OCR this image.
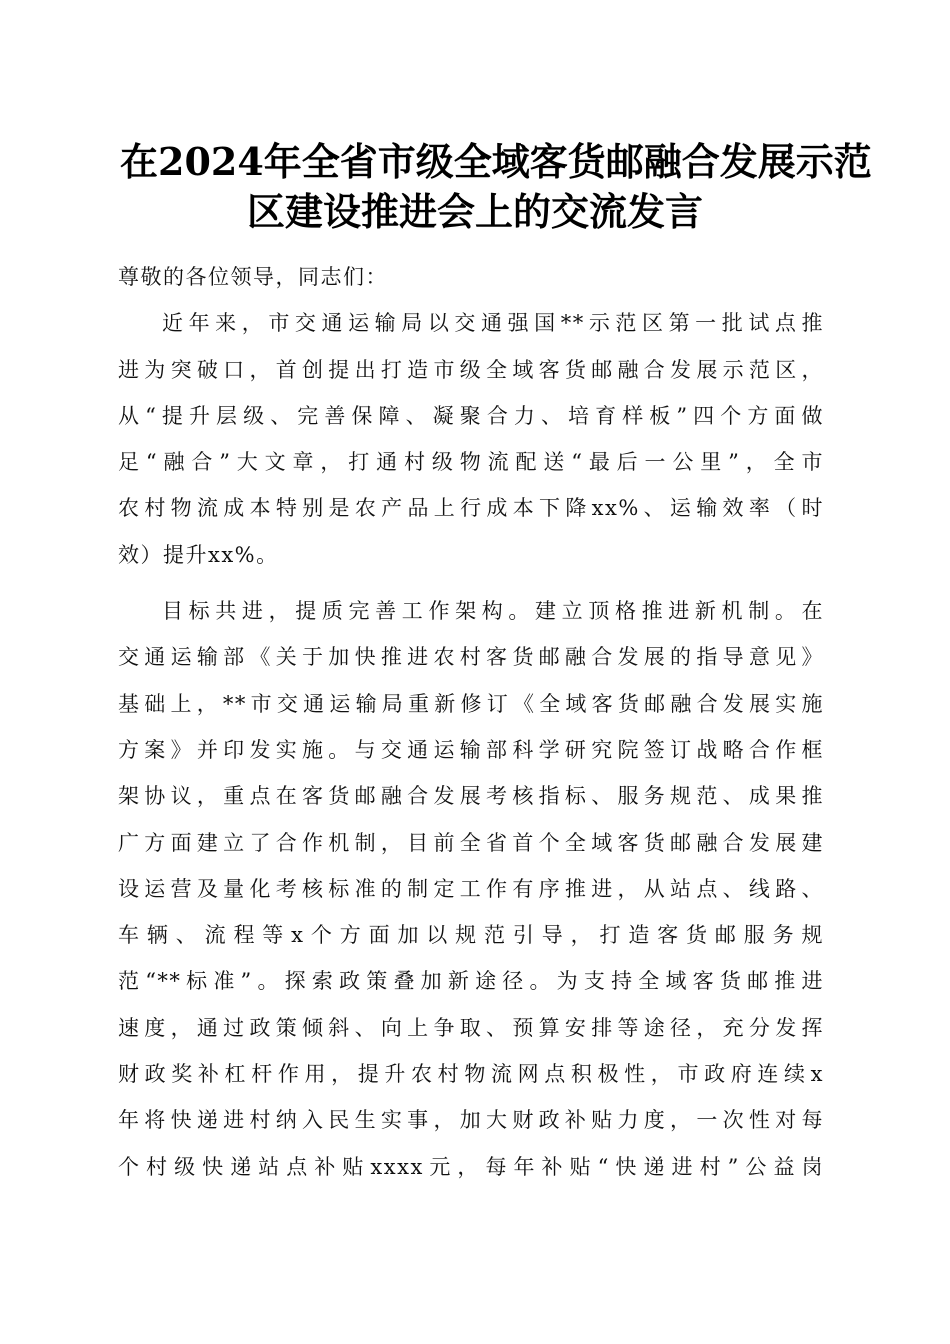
在2024年全省市级全域客货邮融合发展示范
区建设推进会上的交流发言
尊敬的各位领导，同志们：
近年来，市交通运输局以交通强国**示范区第一批试点推
进为突破口，首创提出打造市级全域客货邮融合发展示范区，
从“提升层级、完善保障、凝聚合力、培育样板”四个方面做
足“融合”大文章，打通村级物流配送“最后一公里”，全市
农村物流成本特别是农产品上行成本下降xx%、运输效率（时
效）提升xx%。
目标共进，提质完善工作架构。建立顶格推进新机制。在
交通运输部《关于加快推进农村客货邮融合发展的指导意见》
基础上，**市交通运输局重新修订《全域客货邮融合发展实施
方案》并印发实施。与交通运输部科学研究院签订战略合作框
架协议，重点在客货邮融合发展考核指标、服务规范、成果推
广方面建立了合作机制，目前全省首个全域客货邮融合发展建
设运营及量化考核标准的制定工作有序推进，从站点、线路、
车辆、流程等x个方面加以规范引导，打造客货邮服务规
范“**标准”。探索政策叠加新途径。为支持全域客货邮推进
速度，通过政策倾斜、向上争取、预算安排等途径，充分发挥
财政奖补杠杆作用，提升农村物流网点积极性，市政府连续x
年将快递进村纳入民生实事，加大财政补贴力度，一次性对每
个村级快递站点补贴xxxx元，每年补贴“快递进村”公益岗
